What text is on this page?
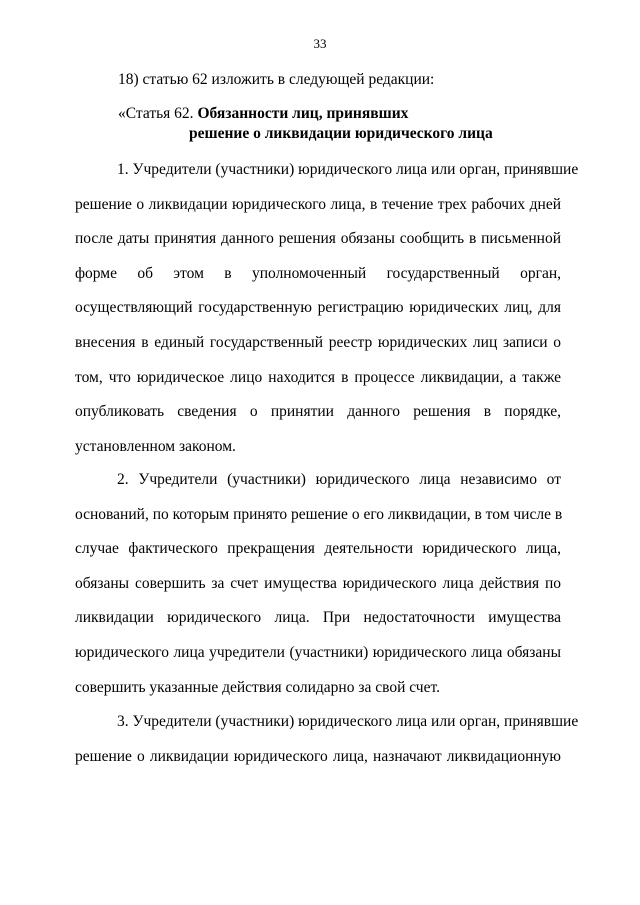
33
18) статью 62 изложить в следующей редакции:
«Статья 62. Обязанности лиц, принявших
решение о ликвидации юридического лица
1. Учредители (участники) юридического лица или орган, принявшие
решение о ликвидации юридического лица, в течение трех рабочих дней
после даты принятия данного решения обязаны сообщить в письменной
форме об этом в уполномоченный государственный орган,
осуществляющий государственную регистрацию юридических лиц, для
внесения в единый государственный реестр юридических лиц записи о
том, что юридическое лицо находится в процессе ликвидации, а также
опубликовать сведения о принятии данного решения в порядке,
установленном законом.
2. Учредители (участники) юридического лица независимо от
оснований, по которым принято решение о его ликвидации, в том числе в
случае фактического прекращения деятельности юридического лица,
обязаны совершить за счет имущества юридического лица действия по
ликвидации юридического лица. При недостаточности имущества
юридического лица учредители (участники) юридического лица обязаны
совершить указанные действия солидарно за свой счет.
3. Учредители (участники) юридического лица или орган, принявшие
решение о ликвидации юридического лица, назначают ликвидационную
